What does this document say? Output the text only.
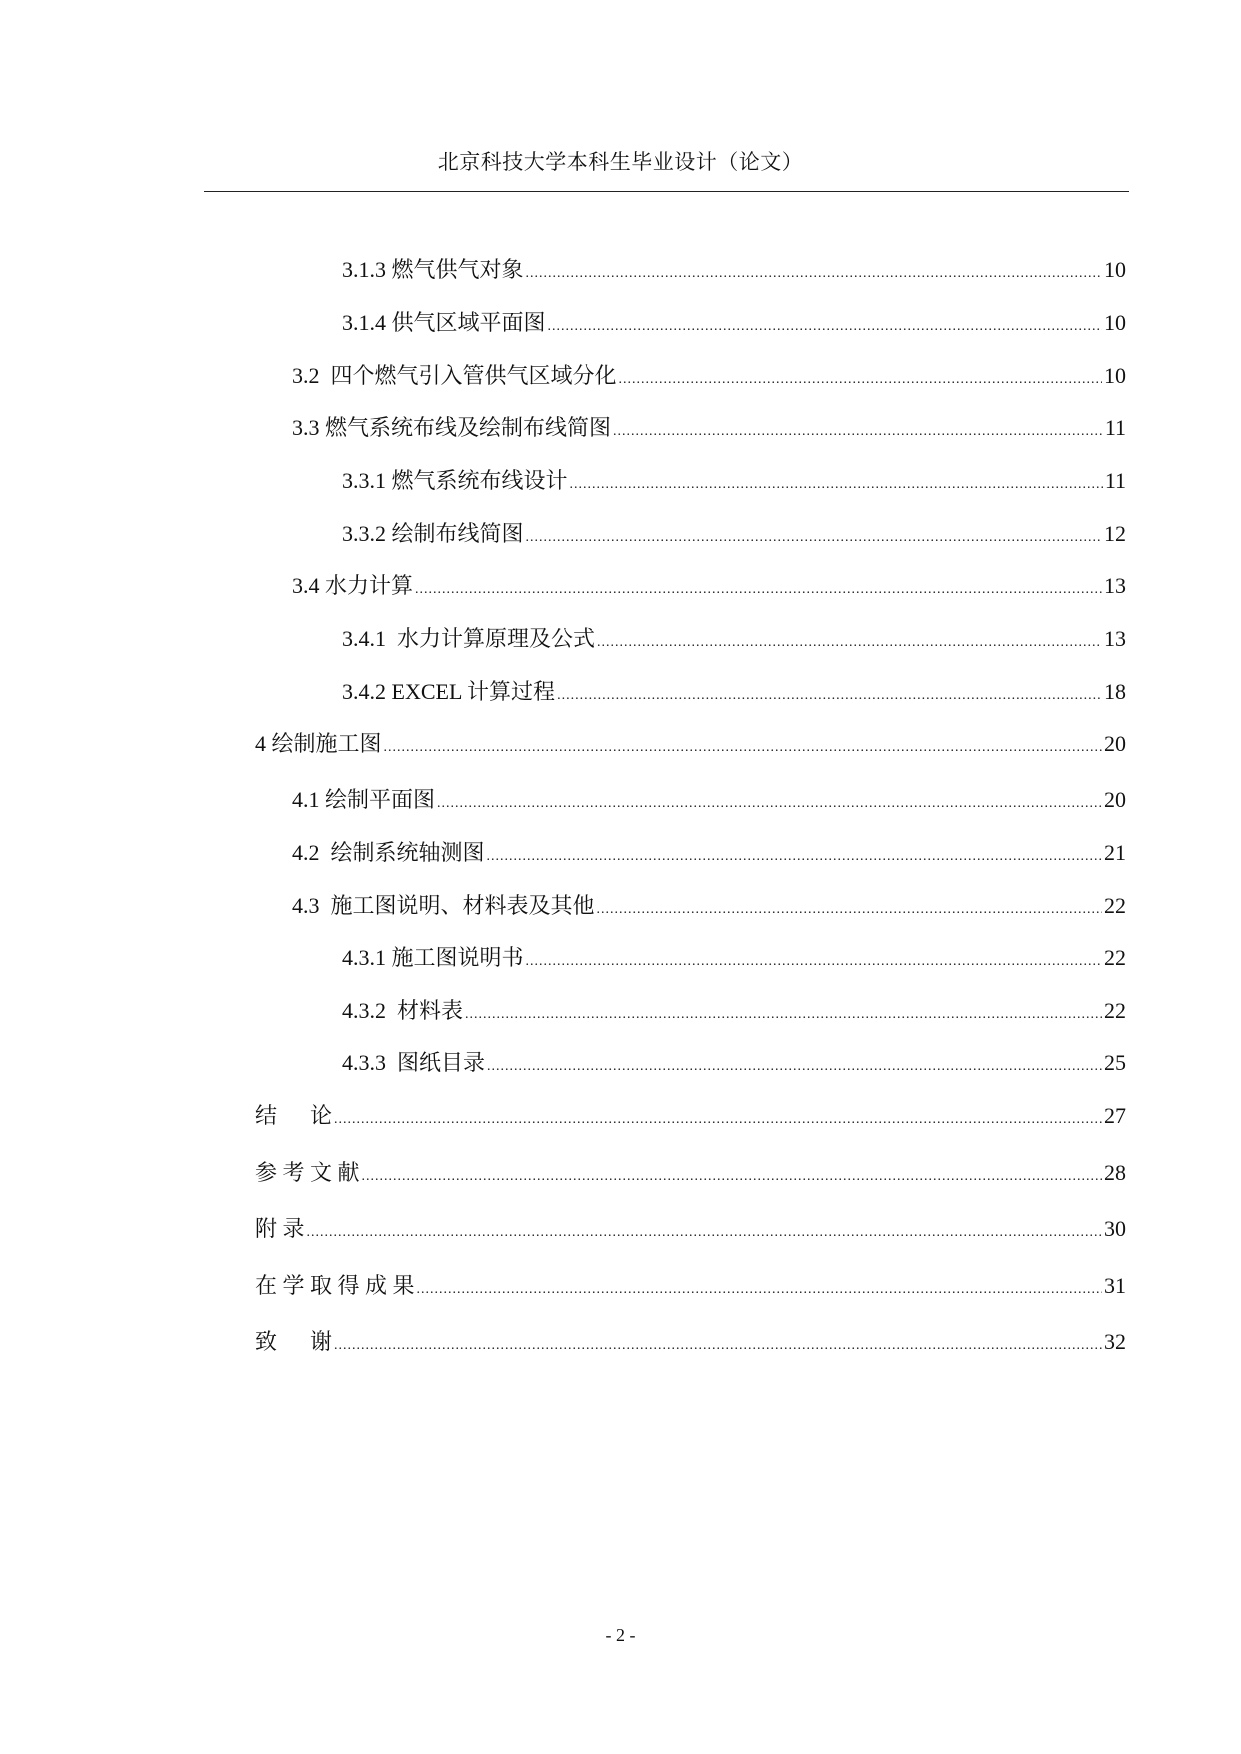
北京科技大学本科生毕业设计（论文）
3.1.3 燃气供气对象 .....	10
3.1.4 供气区域平面图 .....	10
3.2  四个燃气引入管供气区域分化 .....	10
3.3 燃气系统布线及绘制布线简图 .....	11
3.3.1 燃气系统布线设计 .....	11
3.3.2 绘制布线简图 .....	12
3.4 水力计算 .....	13
3.4.1  水力计算原理及公式 .....	13
3.4.2 EXCEL 计算过程 .....	18
4 绘制施工图 .....	20
4.1 绘制平面图 .....	20
4.2  绘制系统轴测图 .....	21
4.3  施工图说明、材料表及其他 .....	22
4.3.1 施工图说明书 .....	22
4.3.2  材料表 .....	22
4.3.3  图纸目录 .....	25
结      论 .....	27
参 考 文 献 .....	28
附 录 .....	30
在 学 取 得 成 果 .....	31
致      谢 .....	32
- 2 -
